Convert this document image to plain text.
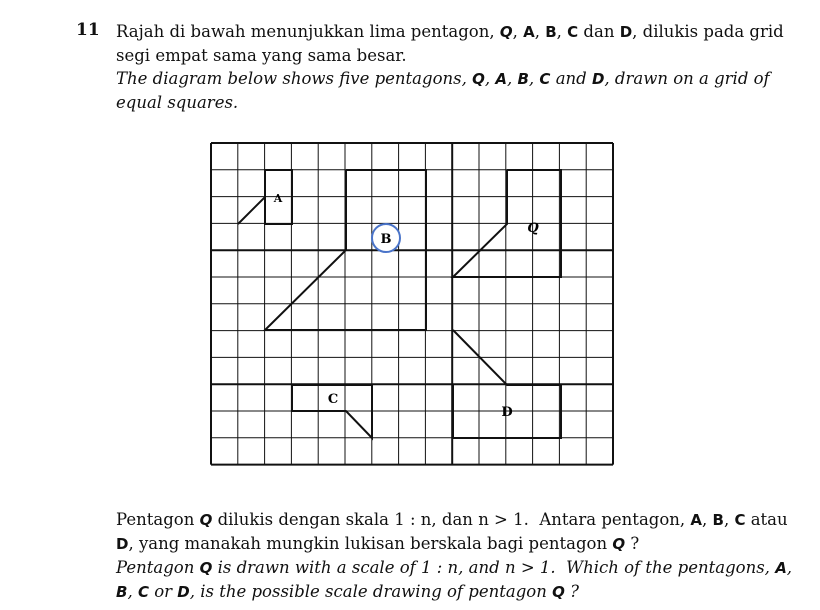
11 Rajah di bawah menunjukkan lima pentagon, Q, A, B, C dan D, dilukis pada grid segi empat sama yang sama besar.
The diagram below shows five pentagons, Q, A, B, C and D, drawn on a grid of equal squares.
A
B
Q
C
D
Pentagon Q dilukis dengan skala 1 : n, dan n > 1. Antara pentagon, A, B, C atau D, yang manakah mungkin lukisan berskala bagi pentagon Q ?
Pentagon Q is drawn with a scale of 1 : n, and n > 1. Which of the pentagons, A, B, C or D, is the possible scale drawing of pentagon Q ?
